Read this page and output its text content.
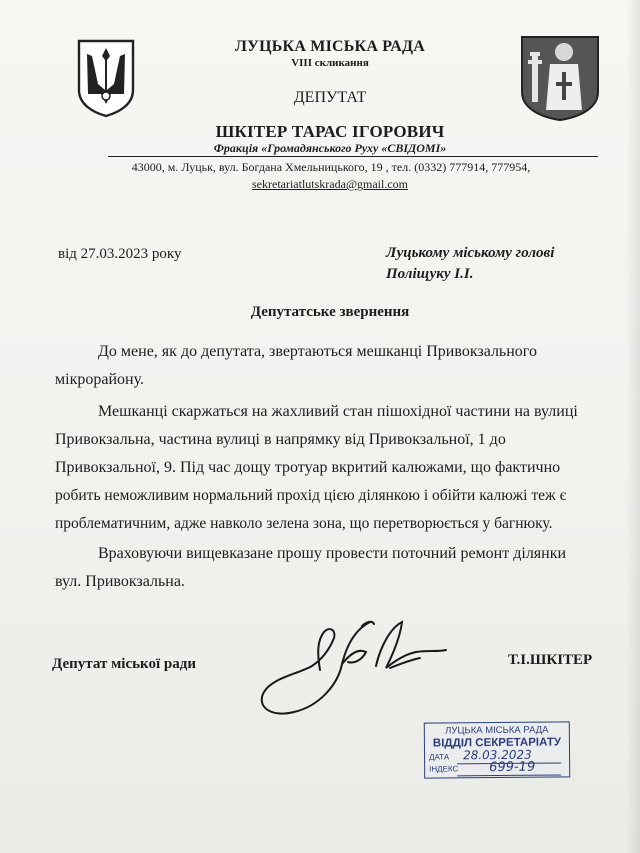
ЛУЦЬКА МІСЬКА РАДА
VIII скликання
ДЕПУТАТ
ШКІТЕР ТАРАС ІГОРОВИЧ
Фракція «Громадянського Руху «СВІДОМІ»
43000, м. Луцьк, вул. Богдана Хмельницького, 19 , тел. (0332) 777914, 777954,
sekretariatlutskrada@gmail.com
від 27.03.2023 року	Луцькому міському голові
Поліщуку І.І.
Депутатське звернення
До мене, як до депутата, звертаються мешканці Привокзального
мікрорайону.
Мешканці скаржаться на жахливий стан пішохідної частини на вулиці
Привокзальна, частина вулиці в напрямку від Привокзальної, 1 до
Привокзальної, 9. Під час дощу тротуар вкритий калюжами, що фактично
робить неможливим нормальний прохід цією ділянкою і обійти калюжі теж є
проблематичним, адже навколо зелена зона, що перетворюється у багнюку.
Враховуючи вищевказане прошу провести поточний ремонт ділянки
вул. Привокзальна.
Депутат міської ради	Т.І.ШКІТЕР
ЛУЦЬКА МІСЬКА РАДА
ВІДДІЛ СЕКРЕТАРІАТУ
ДАТА 28.03.2023
ІНДЕКС 699-19
